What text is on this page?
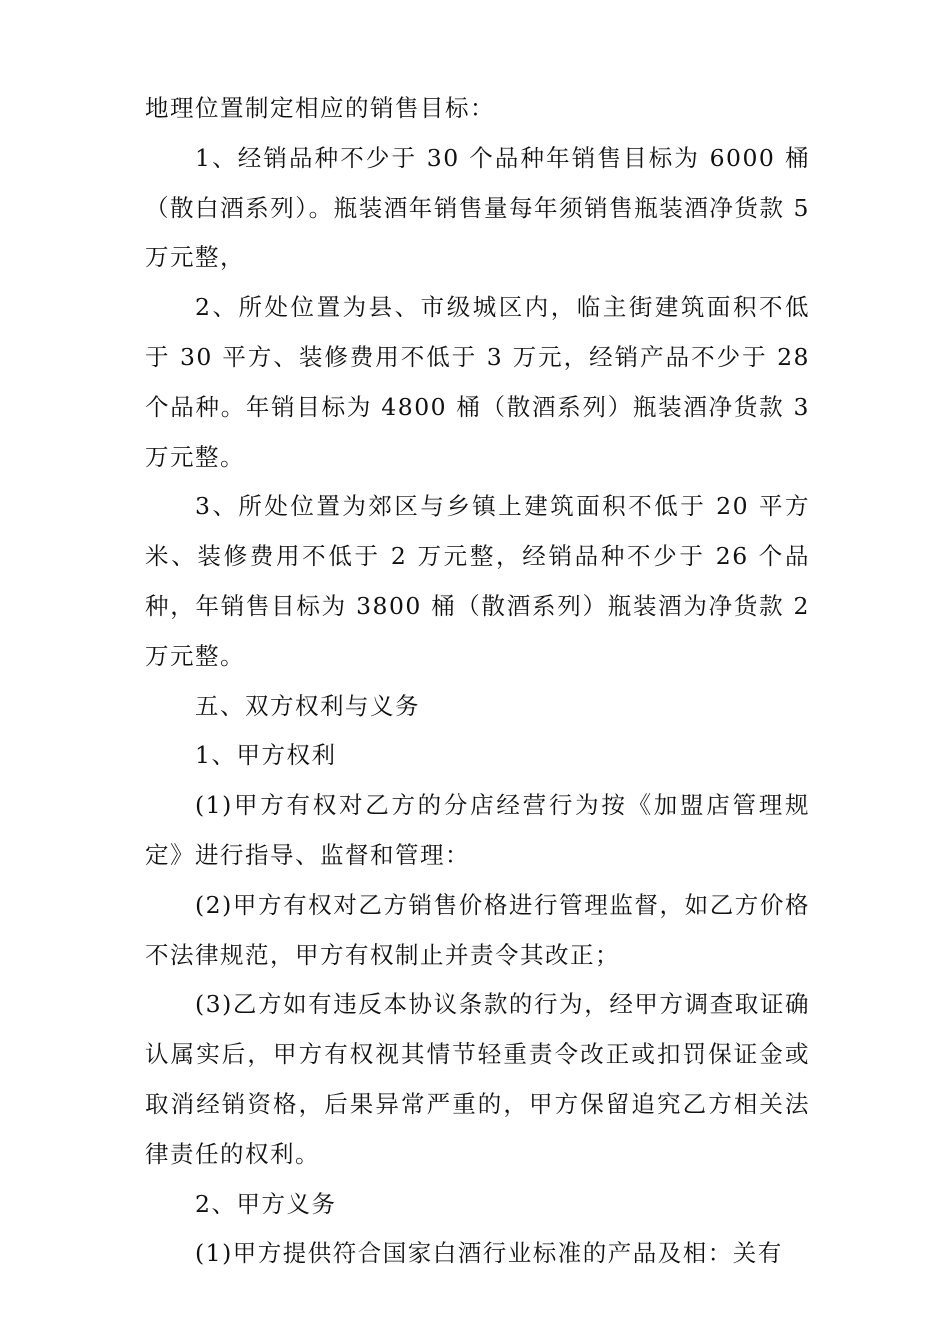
地理位置制定相应的销售目标：

1、经销品种不少于 30 个品种年销售目标为 6000 桶（散白酒系列）。瓶装酒年销售量每年须销售瓶装酒净货款 5 万元整，

2、所处位置为县、市级城区内，临主街建筑面积不低于 30 平方、装修费用不低于 3 万元，经销产品不少于 28 个品种。年销目标为 4800 桶（散酒系列）瓶装酒净货款 3 万元整。

3、所处位置为郊区与乡镇上建筑面积不低于 20 平方米、装修费用不低于 2 万元整，经销品种不少于 26 个品种，年销售目标为 3800 桶（散酒系列）瓶装酒为净货款 2 万元整。

五、双方权利与义务

1、甲方权利

(1)甲方有权对乙方的分店经营行为按《加盟店管理规定》进行指导、监督和管理：

(2)甲方有权对乙方销售价格进行管理监督，如乙方价格不法律规范，甲方有权制止并责令其改正；

(3)乙方如有违反本协议条款的行为，经甲方调查取证确认属实后，甲方有权视其情节轻重责令改正或扣罚保证金或取消经销资格，后果异常严重的，甲方保留追究乙方相关法律责任的权利。

2、甲方义务

(1)甲方提供符合国家白酒行业标准的产品及相：关有
